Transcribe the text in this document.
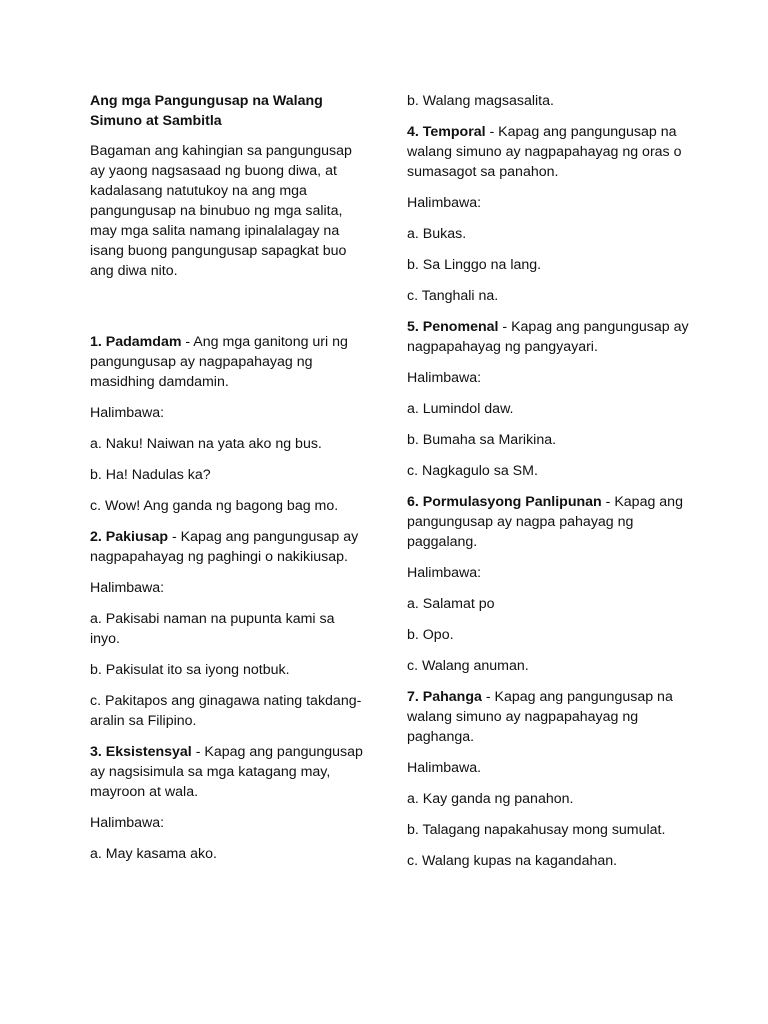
Ang mga Pangungusap na Walang Simuno at Sambitla

Bagaman ang kahingian sa pangungusap ay yaong nagsasaad ng buong diwa, at kadalasang natutukoy na ang mga pangungusap na binubuo ng mga salita, may mga salita namang ipinalalagay na isang buong pangungusap sapagkat buo ang diwa nito.

1. Padamdam - Ang mga ganitong uri ng pangungusap ay nagpapahayag ng masidhing damdamin.

Halimbawa:

a. Naku! Naiwan na yata ako ng bus.

b. Ha! Nadulas ka?

c. Wow! Ang ganda ng bagong bag mo.

2. Pakiusap - Kapag ang pangungusap ay nagpapahayag ng paghingi o nakikiusap.

Halimbawa:

a. Pakisabi naman na pupunta kami sa inyo.

b. Pakisulat ito sa iyong notbuk.

c. Pakitapos ang ginagawa nating takdang-aralin sa Filipino.

3. Eksistensyal - Kapag ang pangungusap ay nagsisimula sa mga katagang may, mayroon at wala.

Halimbawa:

a. May kasama ako.

b. Walang magsasalita.

4. Temporal - Kapag ang pangungusap na walang simuno ay nagpapahayag ng oras o sumasagot sa panahon.

Halimbawa:

a. Bukas.

b. Sa Linggo na lang.

c. Tanghali na.

5. Penomenal - Kapag ang pangungusap ay nagpapahayag ng pangyayari.

Halimbawa:

a. Lumindol daw.

b. Bumaha sa Marikina.

c. Nagkagulo sa SM.

6. Pormulasyong Panlipunan - Kapag ang pangungusap ay nagpa pahayag ng paggalang.

Halimbawa:

a. Salamat po

b. Opo.

c. Walang anuman.

7. Pahanga - Kapag ang pangungusap na walang simuno ay nagpapahayag ng paghanga.

Halimbawa.

a. Kay ganda ng panahon.

b. Talagang napakahusay mong sumulat.

c. Walang kupas na kagandahan.
